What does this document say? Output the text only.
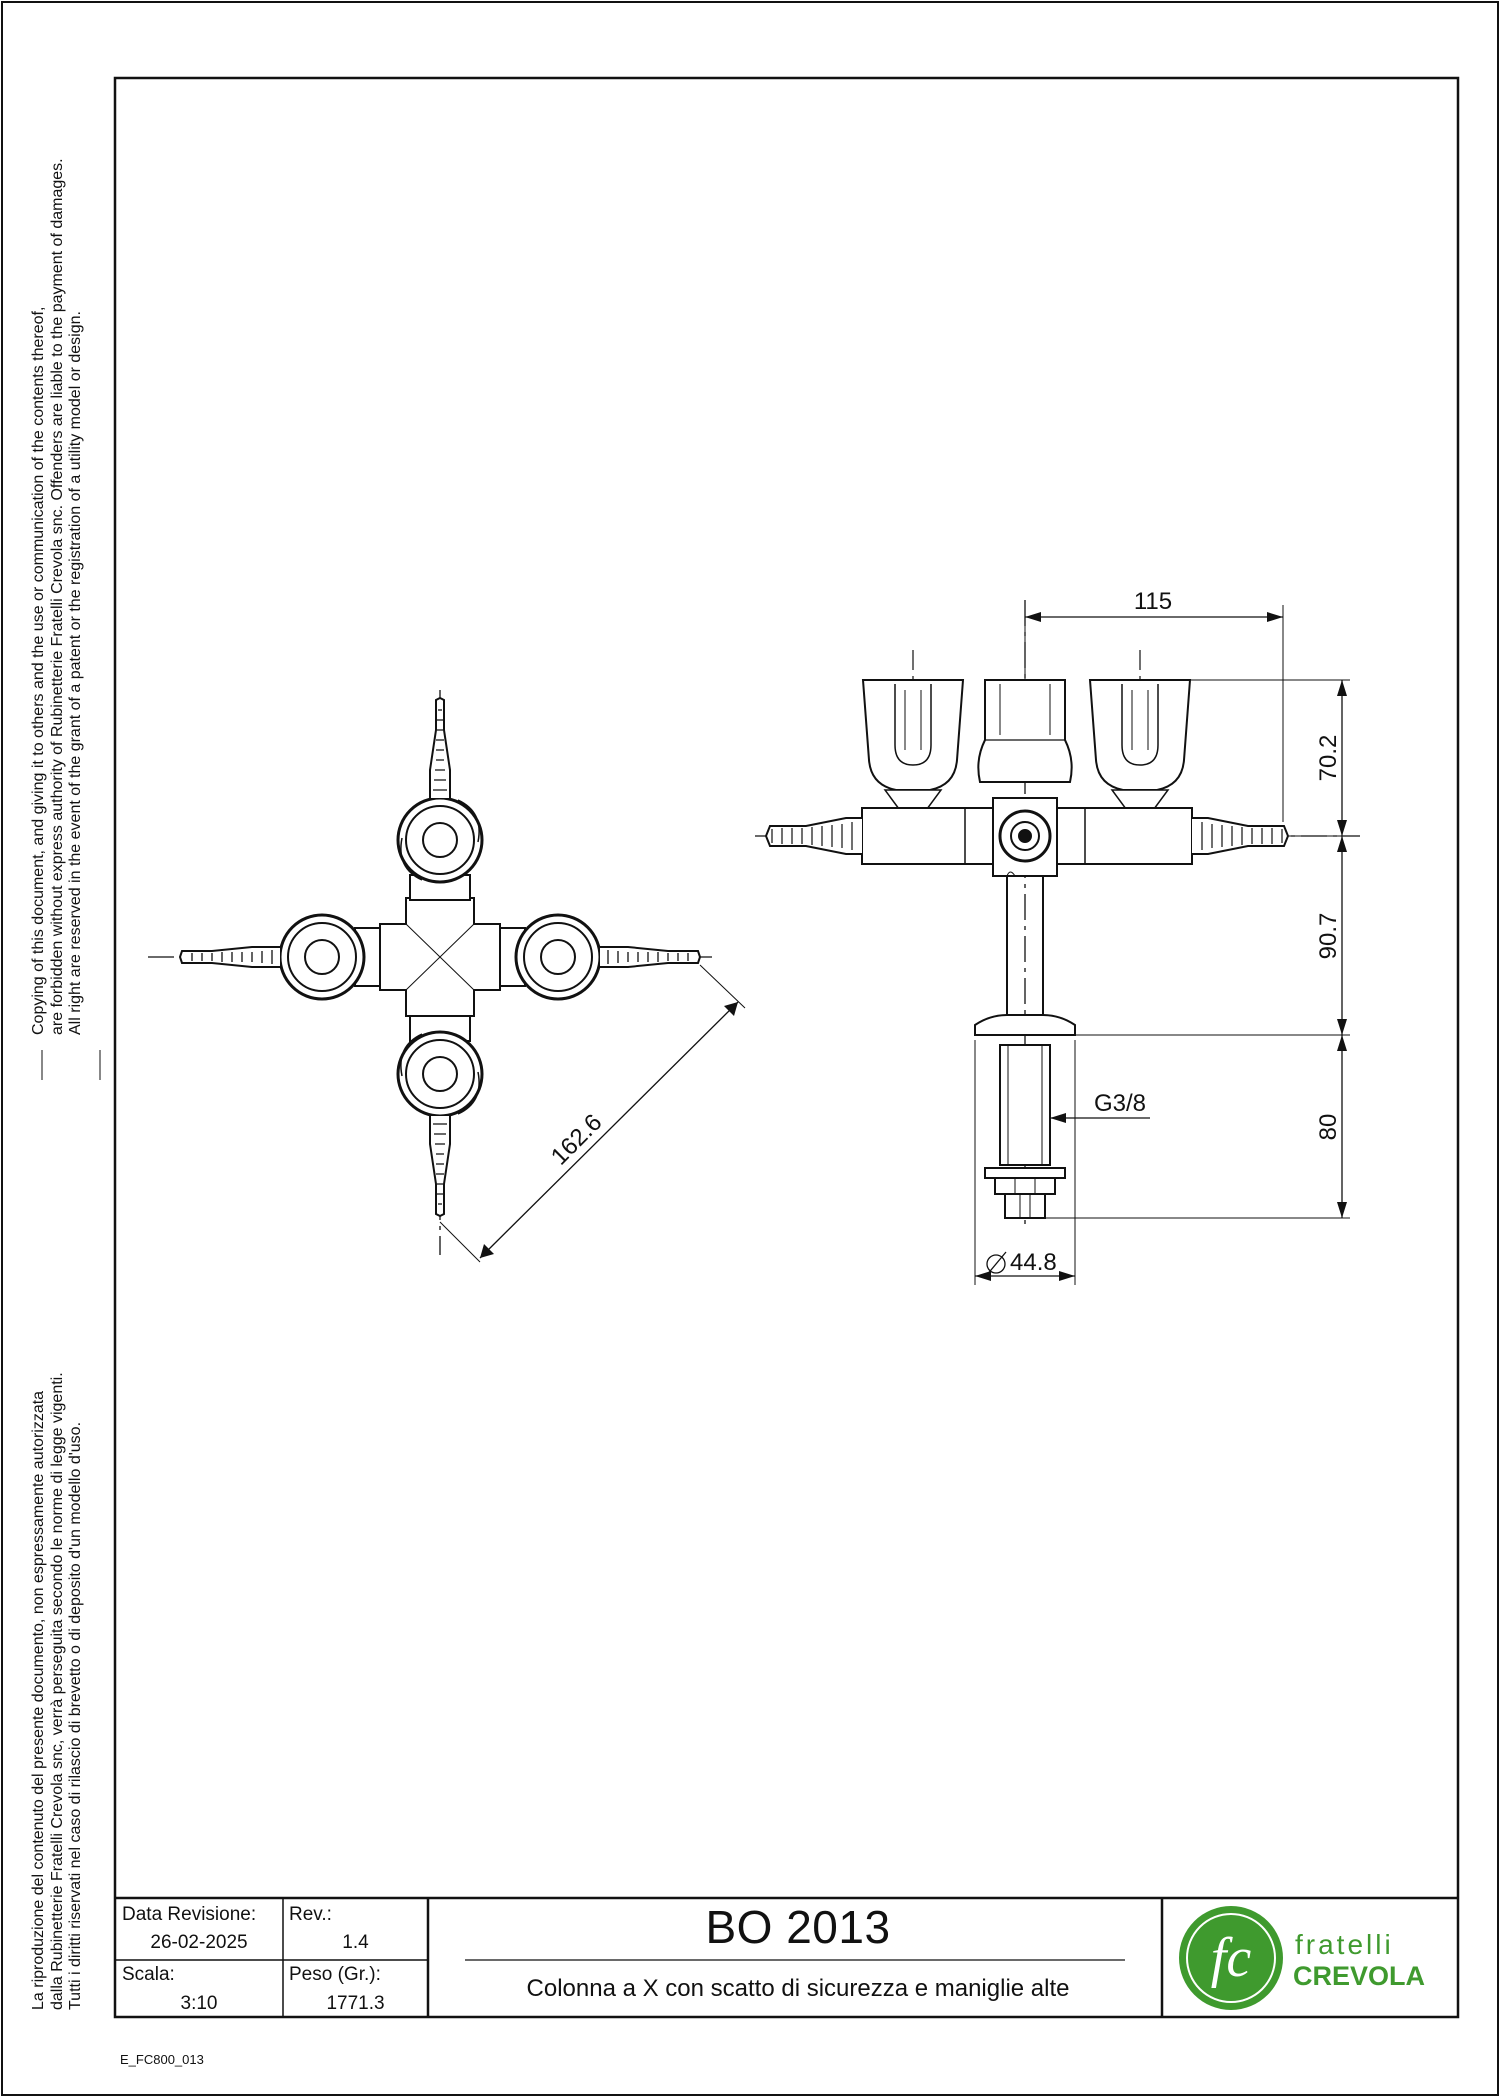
162.6
115
70.2
90.7
80
G3/8
44.8
Copying of this document, and giving it to others and the use or communication of the contents thereof, are forbidden without express authority of Rubinetterie Fratelli Crevola snc. Offenders are liable to the payment of damages. All right are reserved in the event of the grant of a patent or the registration of a utility model or design.
La riproduzione del contenuto del presente documento, non espressamente autorizzata dalla Rubinetterie Fratelli Crevola snc, verrà perseguita secondo le norme di legge vigenti. Tutti i diritti riservati nel caso di rilascio di brevetto o di deposito d'un modello d'uso. Data Revisione:
26-02-2025
Rev.:
1.4
Scala:
3:10
Peso (Gr.):
1771.3
BO 2013
Colonna a X con scatto di sicurezza e maniglie alte	fc fratelli
CREVOLA
E_FC800_013
